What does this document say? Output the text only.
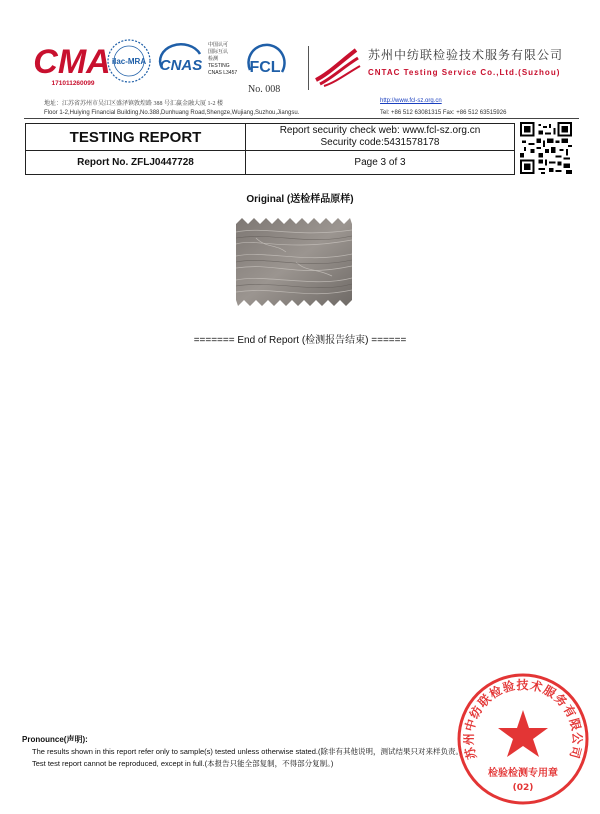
CMA
171011260099
ilac-MRA CNAS
中国认可
国际互认
检测
TESTING
CNAS L3457 FCL
No. 008
苏州中纺联检验技术服务有限公司
CNTAC Testing Service Co.,Ltd.(Suzhou)
地址：江苏省苏州市吴江区盛泽镇敦煌路 388 号汇赢金融大厦 1-2 楼
Floor 1-2,Huiying Financial Building,No.388,Dunhuang Road,Shengze,Wujiang,Suzhou,Jiangsu.
http://www.fcl-sz.org.cn
Tel: +86 512 63081315 Fax: +86 512 63515926
TESTING REPORT	Report security check web: www.fcl-sz.org.cn
Security code:5431578178
Report No. ZFLJ0447728	Page 3 of 3
Original (送检样品原样)
======= End of Report (检测报告结束) ======
Pronounce(声明):
The results shown in this report refer only to sample(s) tested unless otherwise stated.(除非有其他说明，测试结果只对来样负责。)
Test test report cannot be reproduced, except in full.(本报告只能全部复制，不得部分复制。)
苏州中纺联检验技术服务有限公司
检验检测专用章
(02)
